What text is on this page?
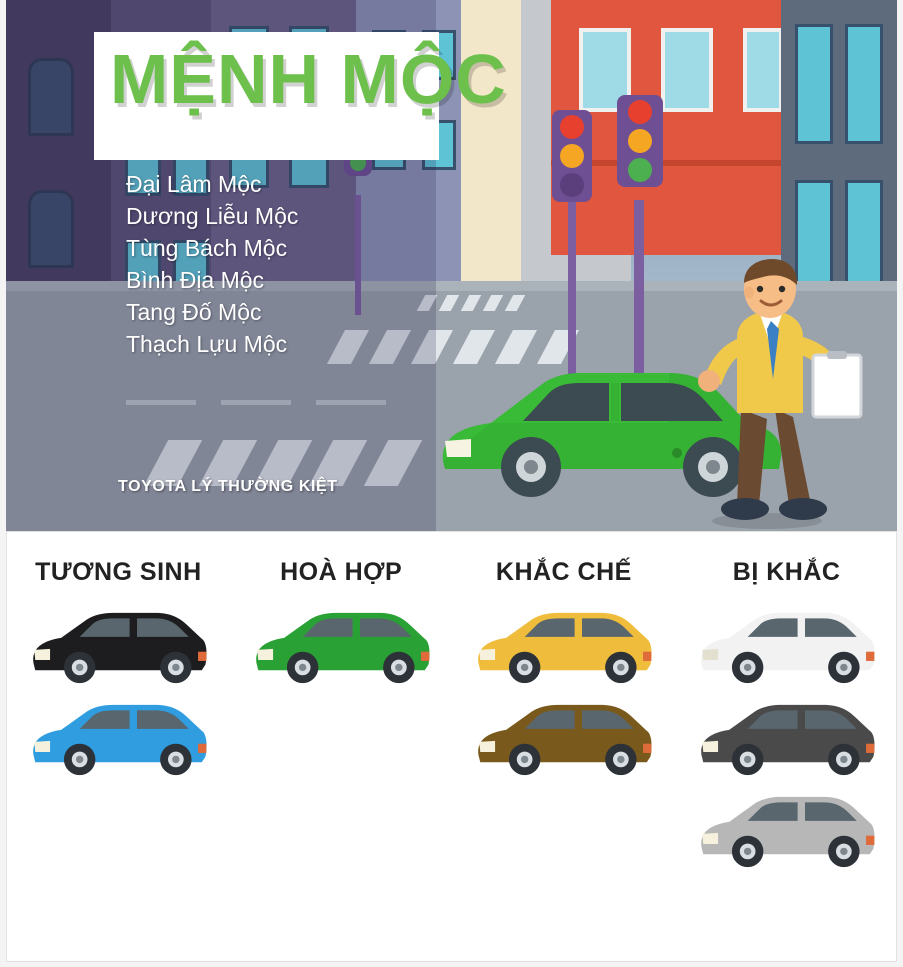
MỆNH MỘC
Đại Lâm Mộc
Dương Liễu Mộc
Tùng Bách Mộc
Bình Địa Mộc
Tang Đố Mộc
Thạch Lựu Mộc
TOYOTA LÝ THƯỜNG KIỆT
TƯƠNG SINH	HOÀ HỢP	KHẮC CHẾ	BỊ KHẮC
